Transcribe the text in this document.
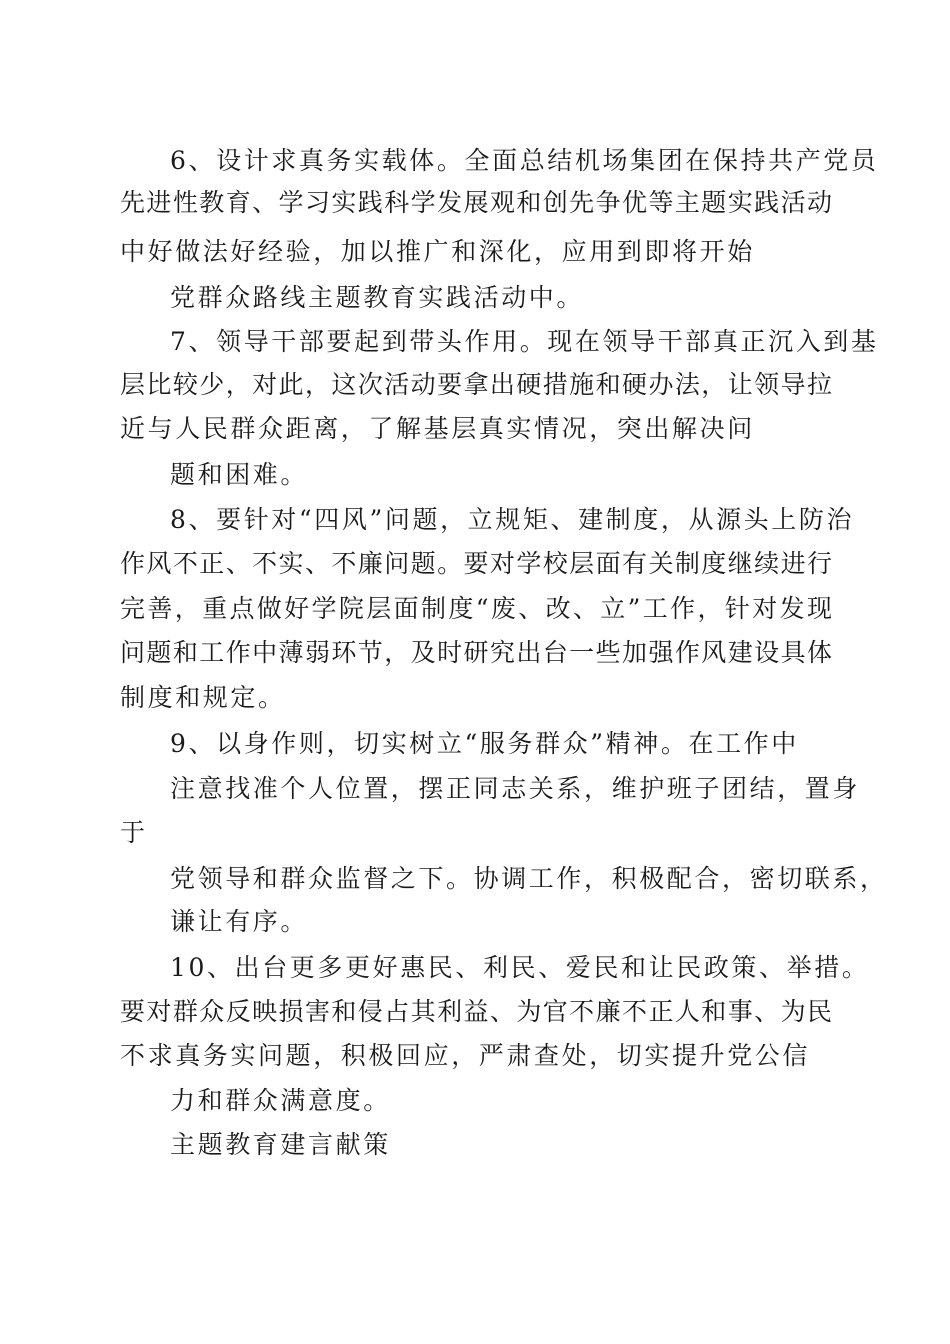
6、设计求真务实载体。全面总结机场集团在保持共产党员
先进性教育、学习实践科学发展观和创先争优等主题实践活动
中好做法好经验，加以推广和深化，应用到即将开始
党群众路线主题教育实践活动中。
7、领导干部要起到带头作用。现在领导干部真正沉入到基
层比较少，对此，这次活动要拿出硬措施和硬办法，让领导拉
近与人民群众距离，了解基层真实情况，突出解决问
题和困难。
8、要针对“四风”问题，立规矩、建制度，从源头上防治
作风不正、不实、不廉问题。要对学校层面有关制度继续进行
完善，重点做好学院层面制度“废、改、立”工作，针对发现
问题和工作中薄弱环节，及时研究出台一些加强作风建设具体
制度和规定。
9、以身作则，切实树立“服务群众”精神。在工作中
注意找准个人位置，摆正同志关系，维护班子团结，置身
于
党领导和群众监督之下。协调工作，积极配合，密切联系，
谦让有序。
10、出台更多更好惠民、利民、爱民和让民政策、举措。
要对群众反映损害和侵占其利益、为官不廉不正人和事、为民
不求真务实问题，积极回应，严肃查处，切实提升党公信
力和群众满意度。
主题教育建言献策
